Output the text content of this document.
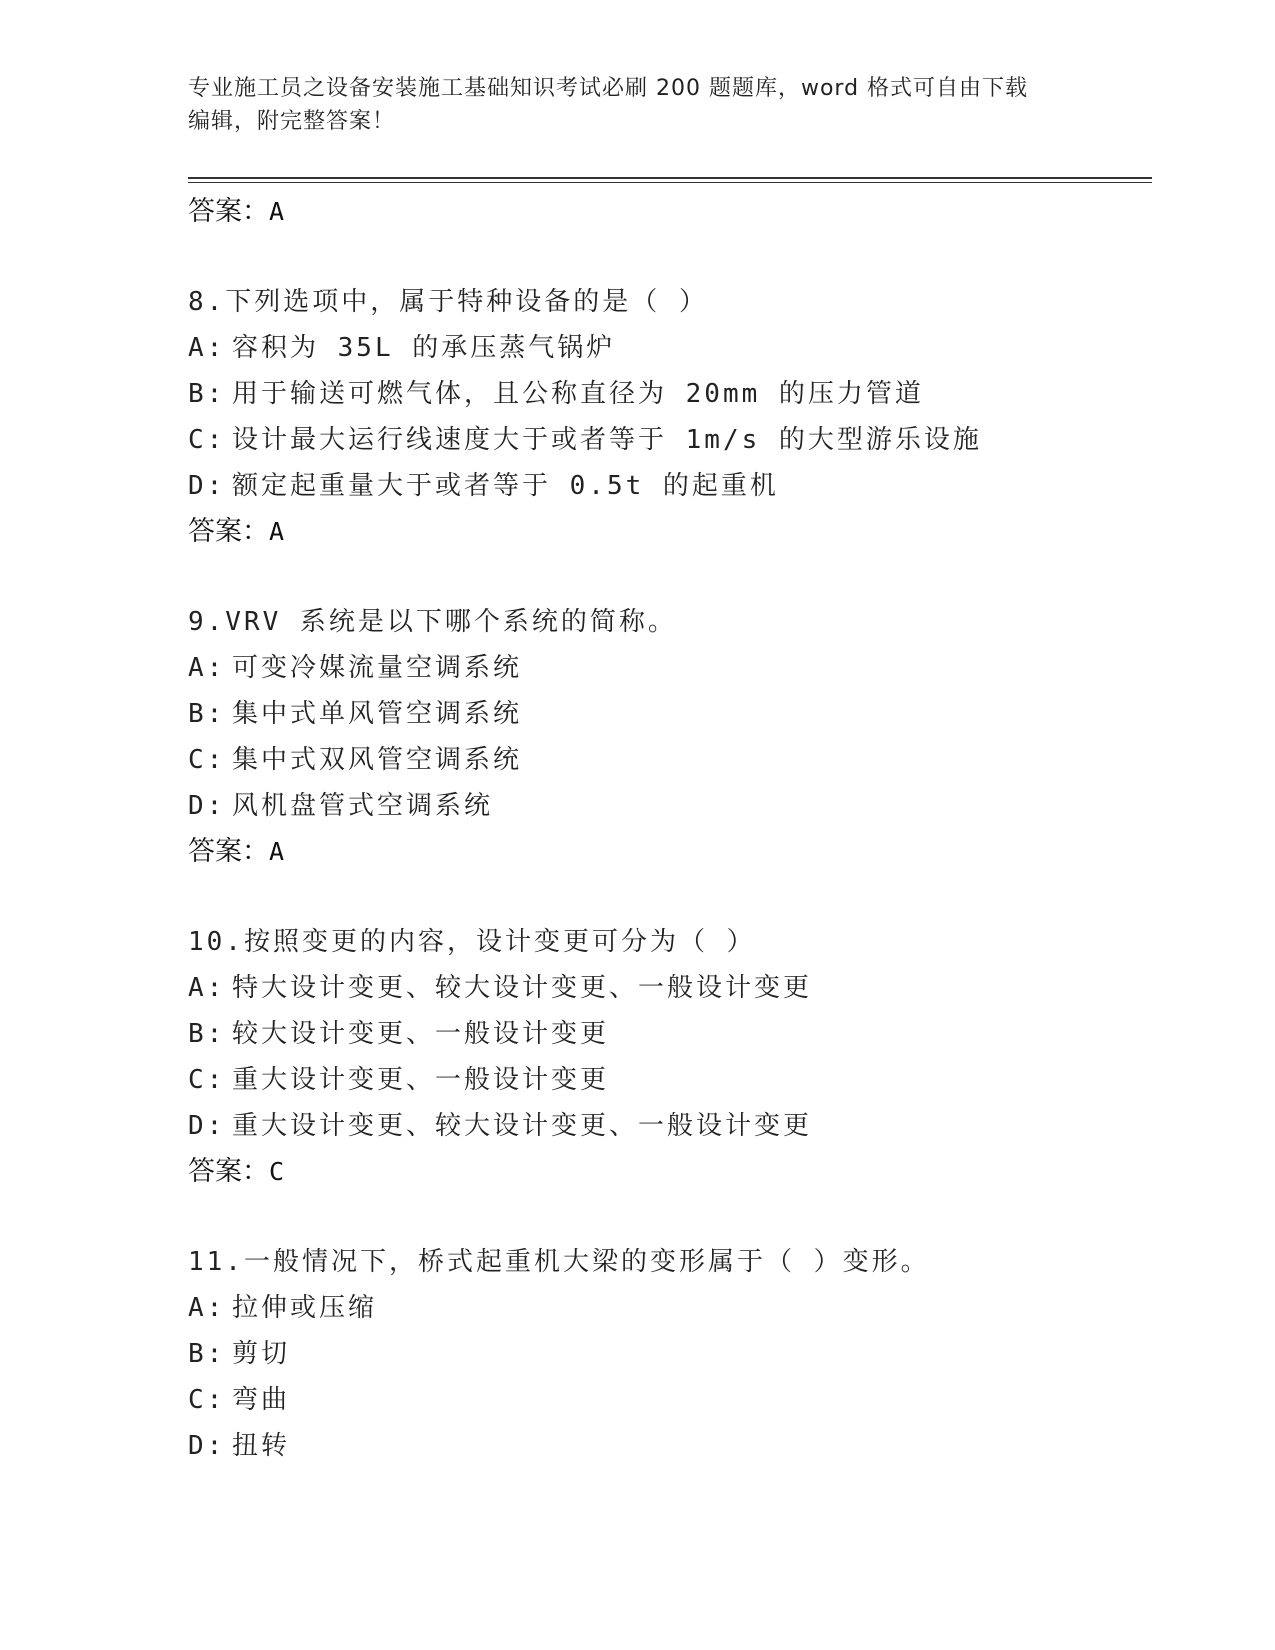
专业施工员之设备安装施工基础知识考试必刷 200 题题库，word 格式可自由下载
编辑，附完整答案！
答案：A
8.下列选项中，属于特种设备的是（ ）
A: 容积为 35L 的承压蒸气锅炉
B: 用于输送可燃气体，且公称直径为 20mm 的压力管道
C: 设计最大运行线速度大于或者等于 1m/s 的大型游乐设施
D: 额定起重量大于或者等于 0.5t 的起重机
答案：A
9.VRV 系统是以下哪个系统的简称。
A: 可变冷媒流量空调系统
B: 集中式单风管空调系统
C: 集中式双风管空调系统
D: 风机盘管式空调系统
答案：A
10.按照变更的内容，设计变更可分为（ ）
A: 特大设计变更、较大设计变更、一般设计变更
B: 较大设计变更、一般设计变更
C: 重大设计变更、一般设计变更
D: 重大设计变更、较大设计变更、一般设计变更
答案：C
11.一般情况下，桥式起重机大梁的变形属于（ ）变形。
A: 拉伸或压缩
B: 剪切
C: 弯曲
D: 扭转
